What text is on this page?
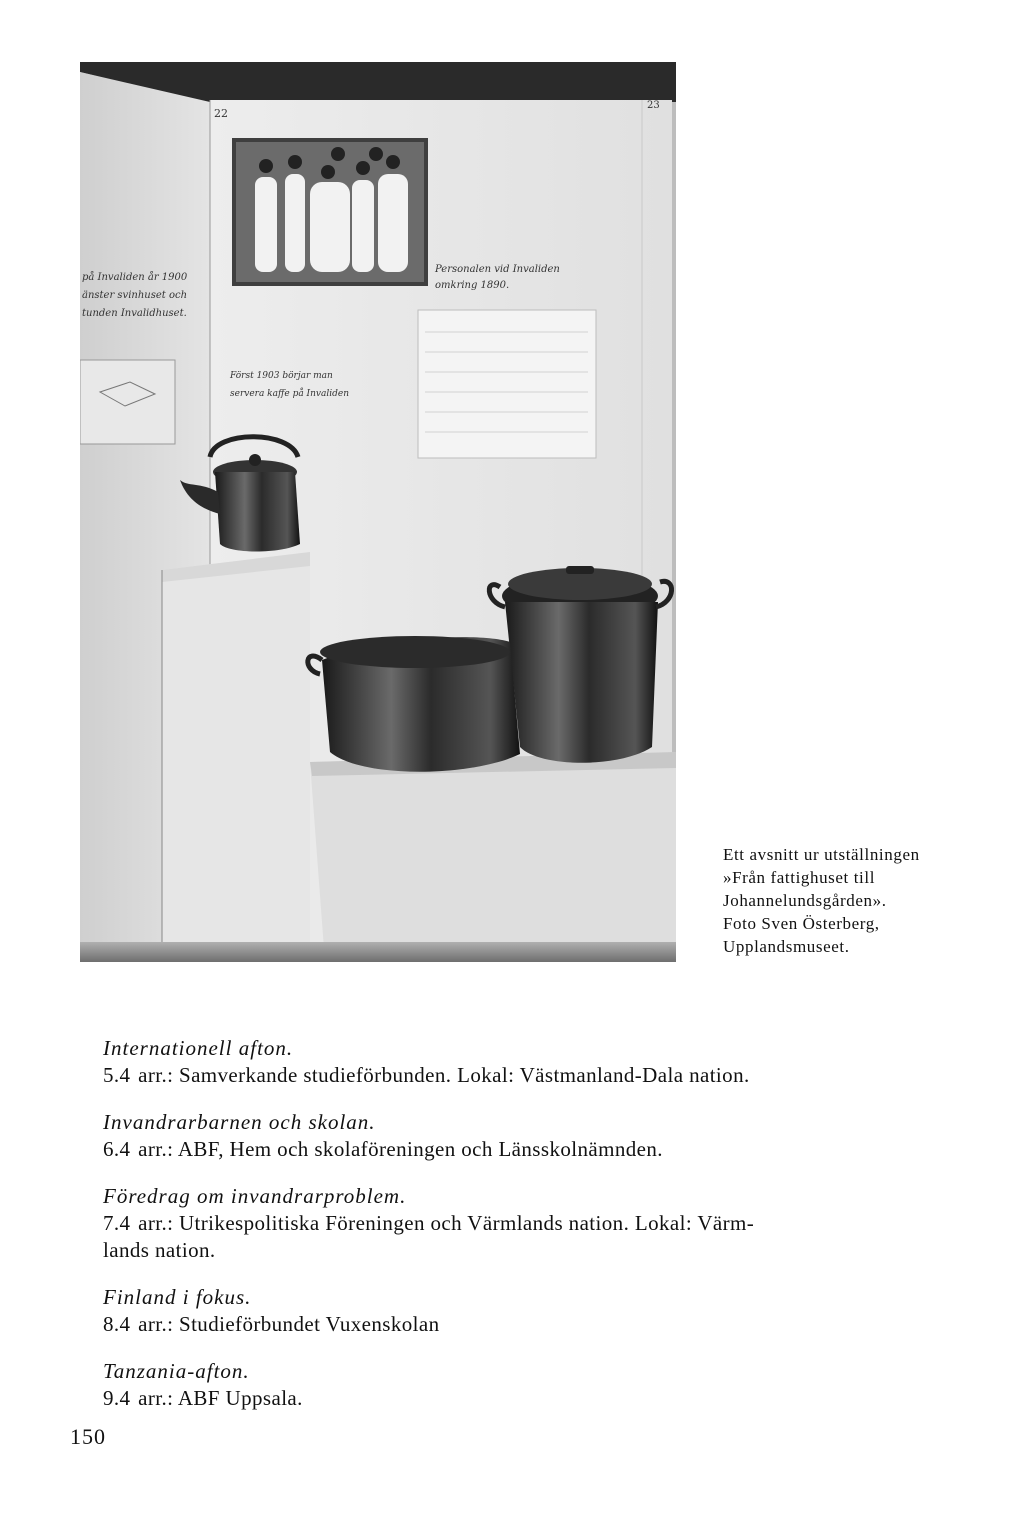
22
23
Personalen vid Invaliden
omkring 1890.
på Invaliden år 1900
änster svinhuset och
tunden Invalidhuset.
Först 1903 börjar man
servera kaffe på Invaliden
Ett avsnitt ur utställningen
»Från fattighuset till
Johannelundsgården».
Foto Sven Österberg,
Upplandsmuseet.
Internationell afton.
5.4 arr.: Samverkande studieförbunden. Lokal: Västmanland-Dala nation.
Invandrarbarnen och skolan.
6.4 arr.: ABF, Hem och skolaföreningen och Länsskolnämnden.
Föredrag om invandrarproblem.
7.4 arr.: Utrikespolitiska Föreningen och Värmlands nation. Lokal: Värm-
lands nation.
Finland i fokus.
8.4 arr.: Studieförbundet Vuxenskolan
Tanzania-afton.
9.4 arr.: ABF Uppsala.
150
